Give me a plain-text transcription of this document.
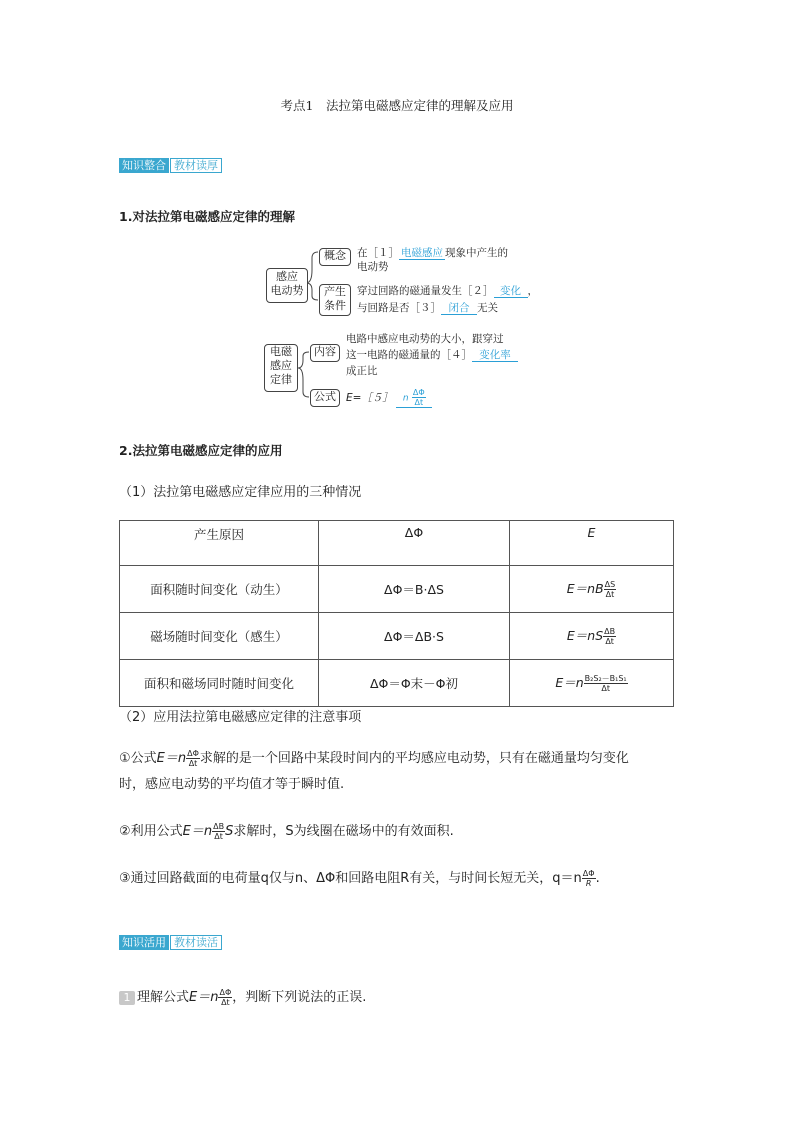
考点1　法拉第电磁感应定律的理解及应用
知识整合 教材读厚
1.对法拉第电磁感应定律的理解
感应
电动势
概念	在［１］ 电磁感应 现象中产生的
电动势
产生
条件
穿过回路的磁通量发生［２］ 变化 ，
与回路是否［３］ 闭合 无关
电磁
感应
定律
内容
电路中感应电动势的大小，跟穿过
这一电路的磁通量的［４］ 变化率
成正比
公式 E=［５］ n $\frac{\Delta\Phi}{\Delta t}$
2.法拉第电磁感应定律的应用
（1）法拉第电磁感应定律应用的三种情况
产生原因	ΔΦ	E
面积随时间变化（动生）	ΔΦ＝B·ΔS	$E=nB \frac{\Delta S}{\Delta t}$

磁场随时间变化（感生）	ΔΦ＝ΔB·S	$E=nS \frac{\Delta B}{\Delta t}$

面积和磁场同时随时间变化	ΔΦ＝Φ末－Φ初	$E=n \frac{\text{B₂S₂－B₁S₁}}{\Delta t}$
（2）应用法拉第电磁感应定律的注意事项
①公式$E=n \frac{\Delta\Phi}{\Delta t}$ 求解的是一个回路中某段时间内的平均感应电动势，只有在磁通量均匀变化
时，感应电动势的平均值才等于瞬时值.
②利用公式$E=n \frac{\Delta B}{\Delta t}$ S求解时，S为线圈在磁场中的有效面积.
③通过回路截面的电荷量q仅与n、ΔΦ和回路电阻R有关，与时间长短无关，$q=n \frac{\Delta\Phi}{R}$ .
知识活用 教材读活
1 理解公式$E=n \frac{\Delta\Phi}{\Delta t}$ ，判断下列说法的正误.
